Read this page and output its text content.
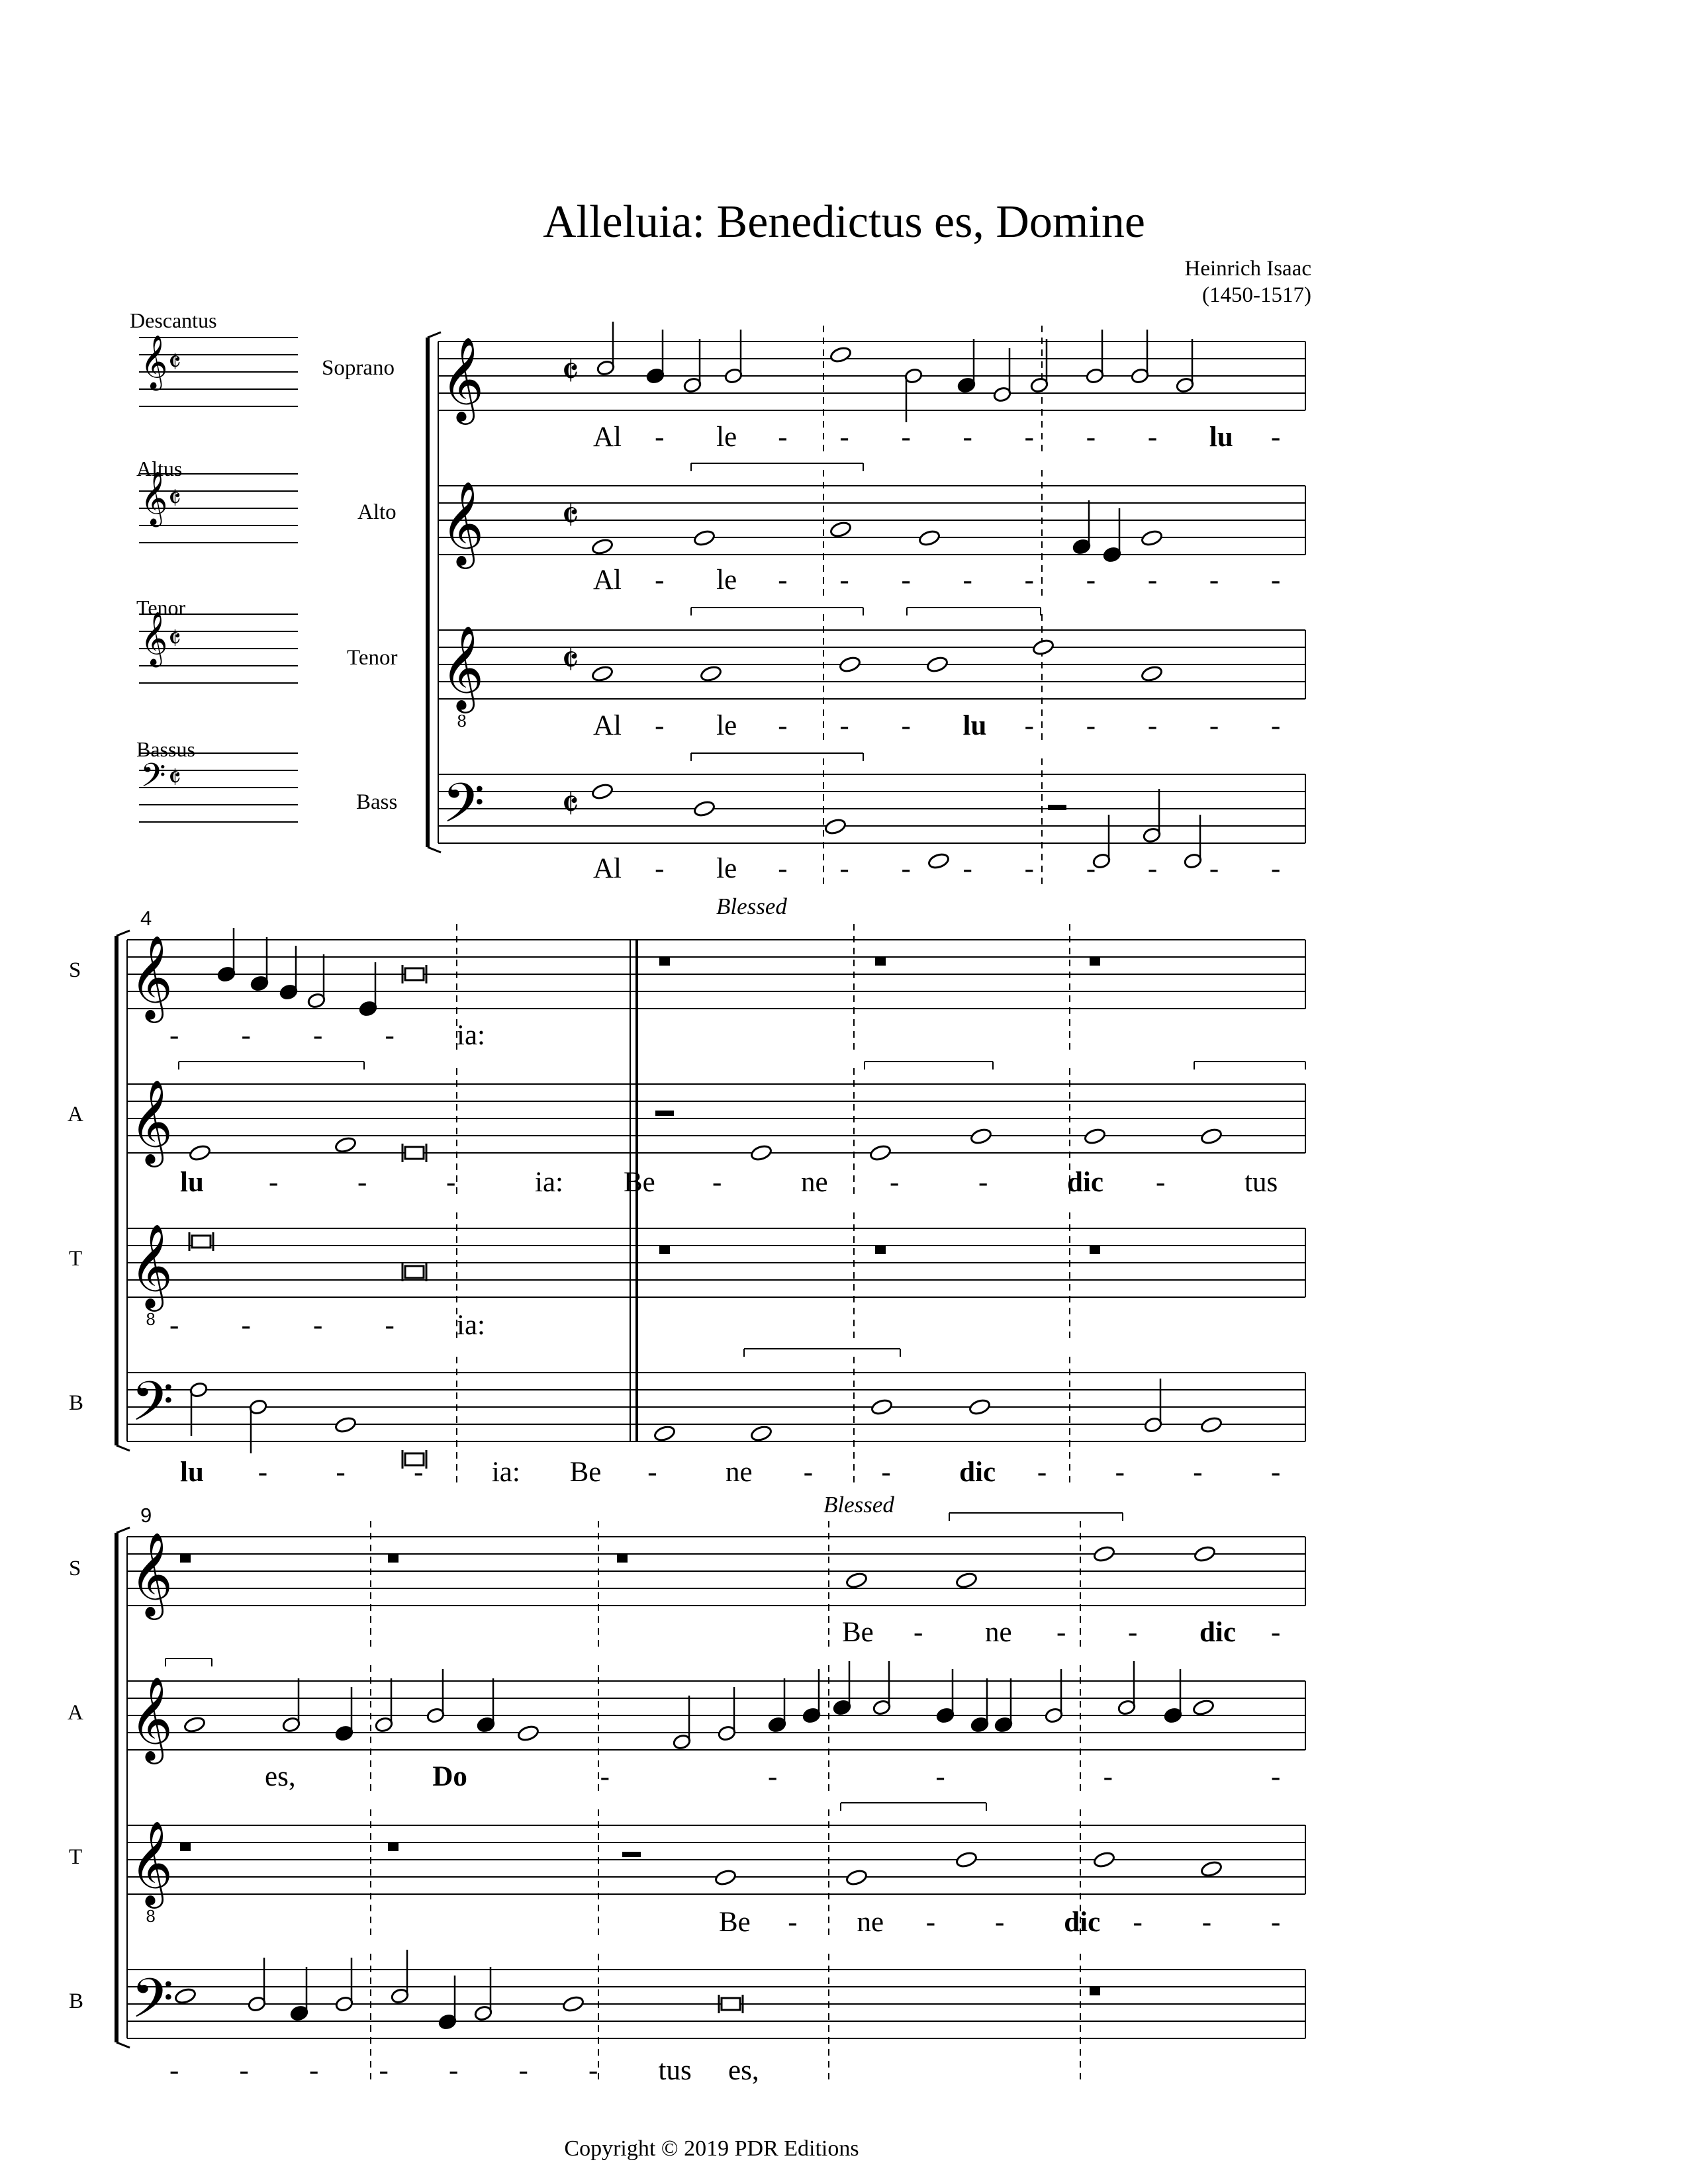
𝄞
𝄞
𝄞
8
𝄢
𝄞
𝄞
𝄞
8
𝄢
𝄞
𝄞
𝄞
8
𝄢
𝄵
𝄵
𝄵
𝄵
𝄞 𝄵
𝄞 𝄵
𝄞 𝄵
𝄢 𝄵
Alleluia: Benedictus es, Domine
Heinrich Isaac
(1450-1517)
Descantus
Altus
Tenor
Bassus
Soprano
Alto
Tenor
Bass
S
A
T
B
S
A
T
B
4
9
Blessed
Blessed
Al - le - - - - - - - lu -
Al - le - - - - - - - - -
Al - le - - - lu - - - - -
Al - le - - - - - - - - -
- - - - ia:
lu -	-	-	ia: Be -	ne -	-	dic -	tus
- - - - ia:
lu - - - ia: Be - ne - - dic - - - -
Be - ne - - dic -
es,	Do	-	-	-	-	-
Be - ne - - dic - - -
- - - - - - - tus es,
Copyright © 2019 PDR Editions
